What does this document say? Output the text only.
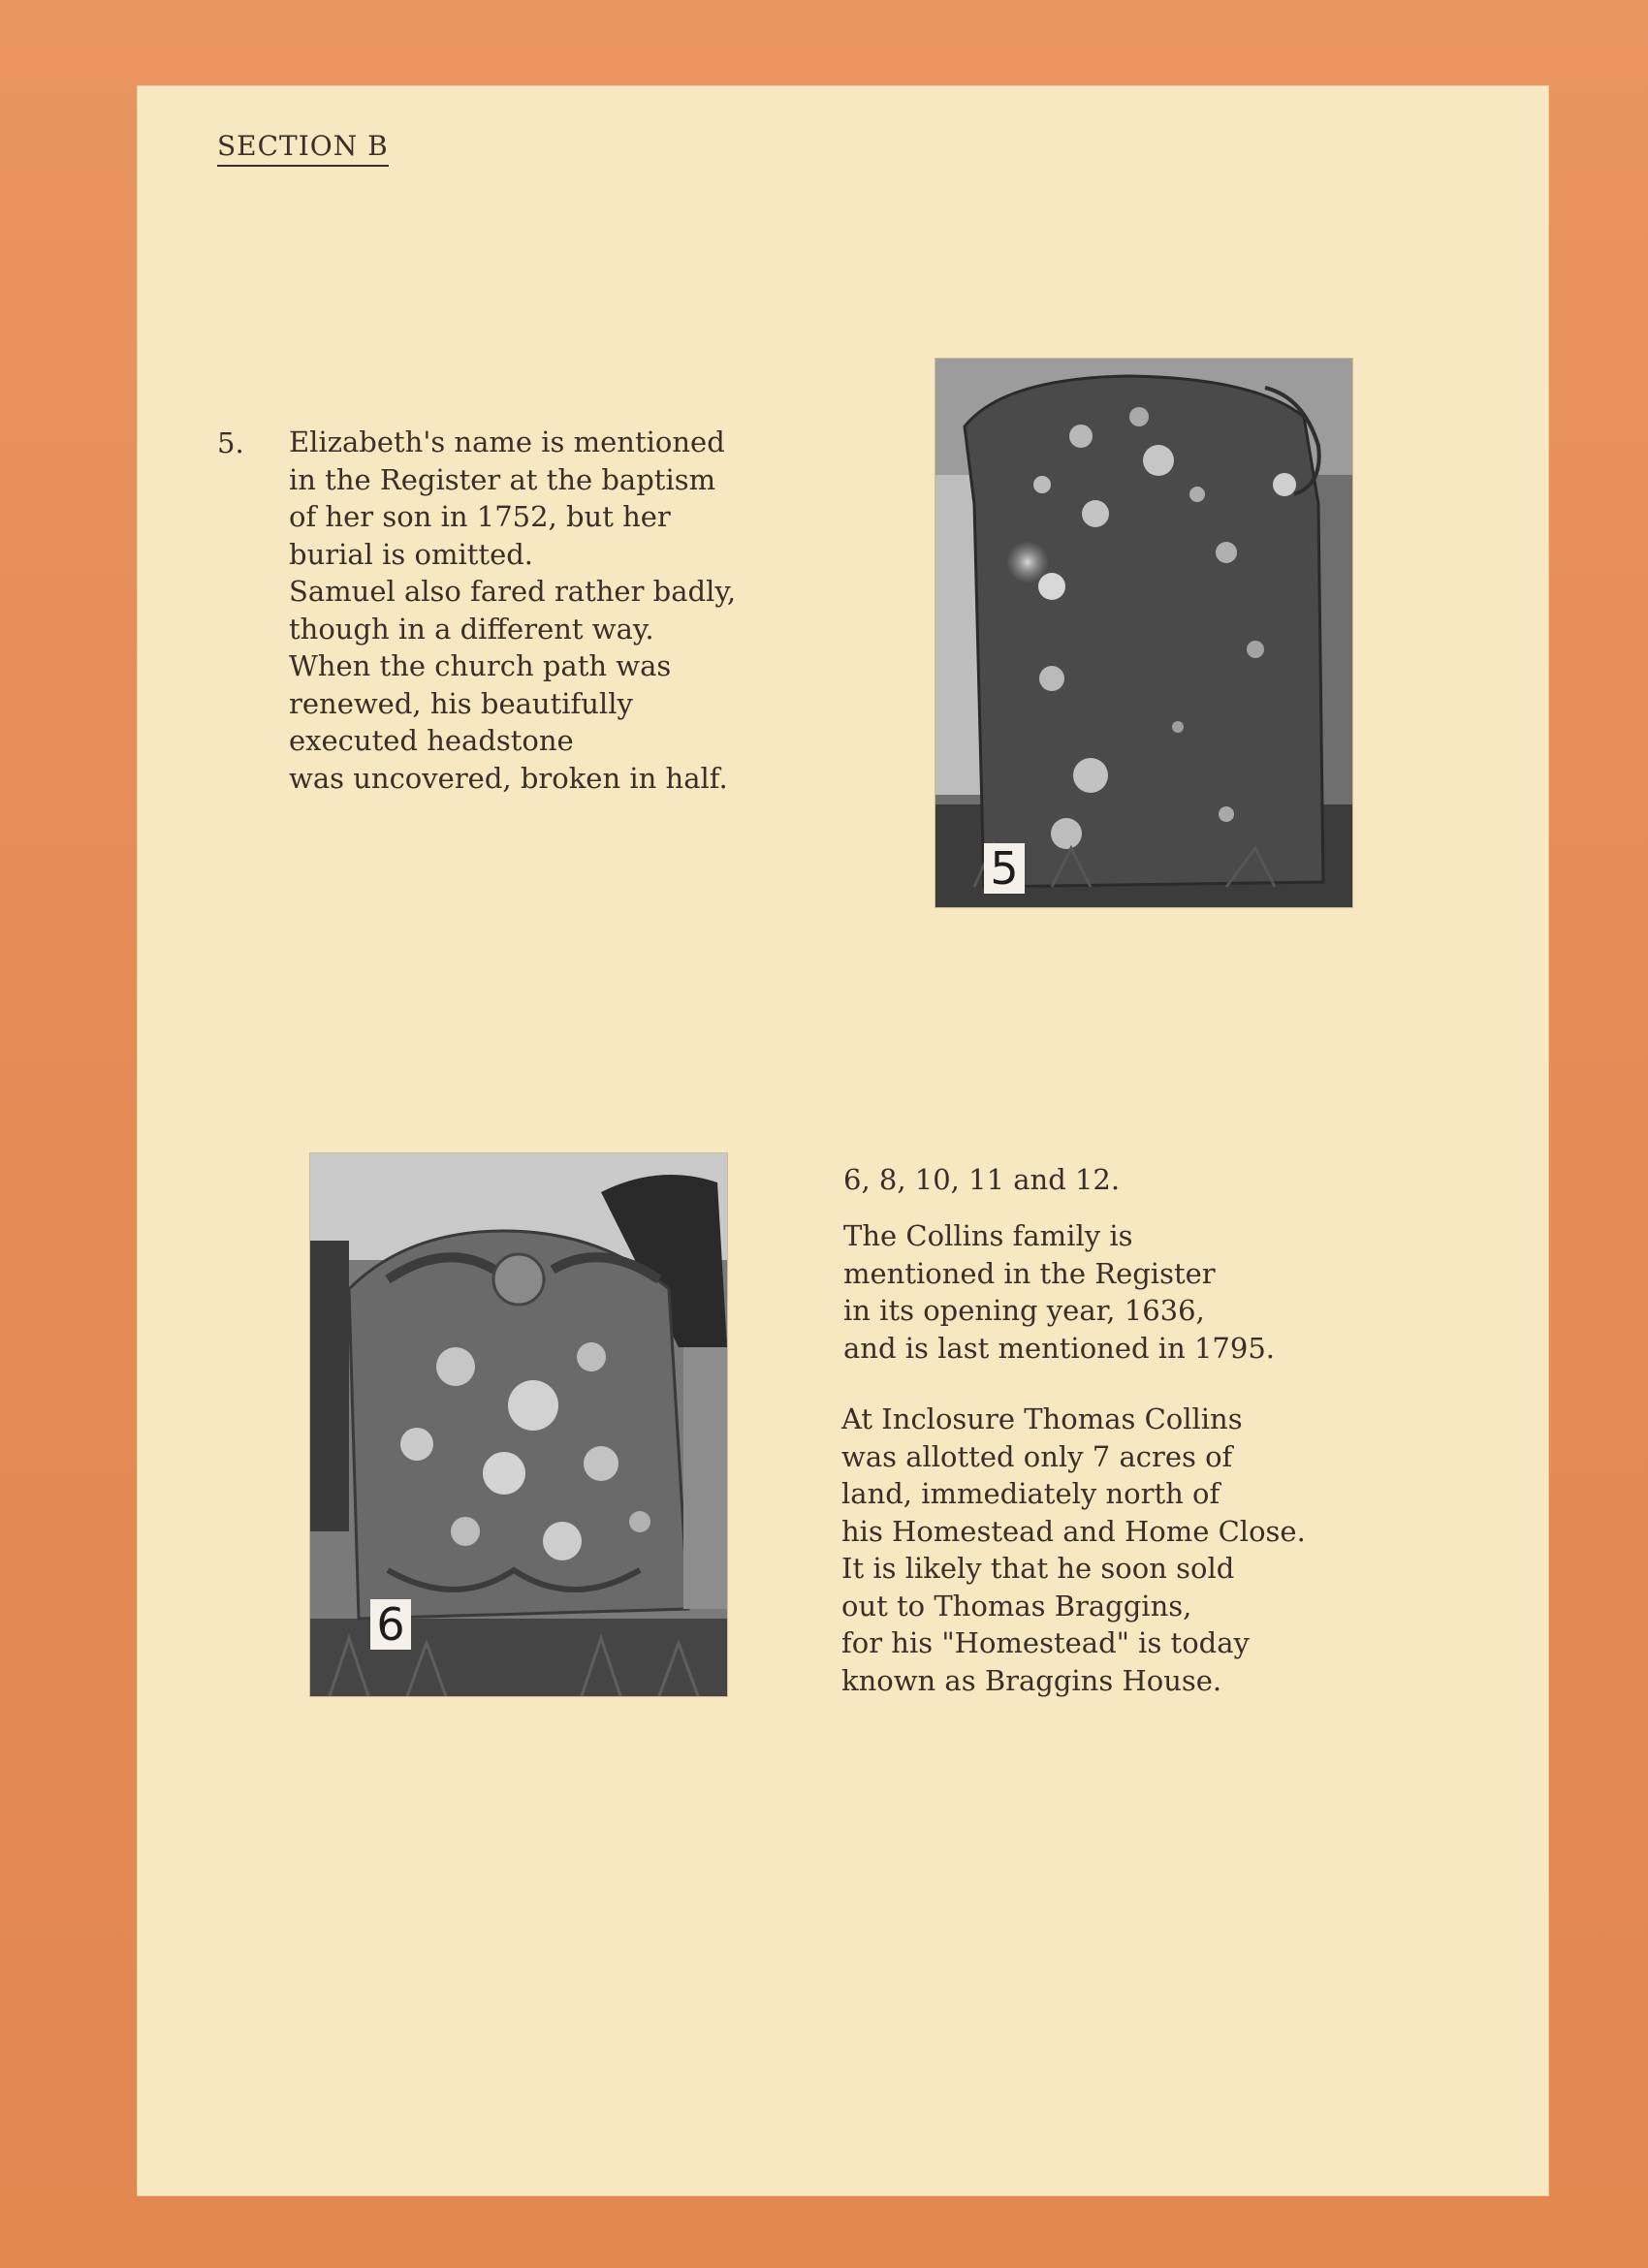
SECTION B
5. Elizabeth's name is mentioned
in the Register at the baptism
of her son in 1752, but her
burial is omitted.
Samuel also fared rather badly,
though in a different way.
When the church path was
renewed, his beautifully
executed headstone
was uncovered, broken in half.
5
6
6, 8, 10, 11 and 12.
The Collins family is
mentioned in the Register
in its opening year, 1636,
and is last mentioned in 1795.
At Inclosure Thomas Collins
was allotted only 7 acres of
land, immediately north of
his Homestead and Home Close.
It is likely that he soon sold
out to Thomas Braggins,
for his "Homestead" is today
known as Braggins House.
